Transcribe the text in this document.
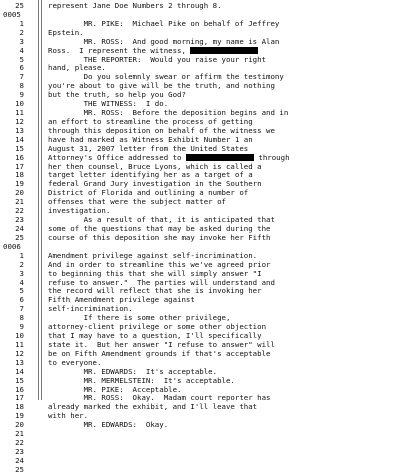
25	represent Jane Doe Numbers 2 through 8.
0005
1	MR. PIKE:  Michael Pike on behalf of Jeffrey
2	Epstein.
3	MR. ROSS:  And good morning, my name is Alan
4	Ross.  I represent the witness,
5	THE REPORTER:  Would you raise your right
6	hand, please.
7	Do you solemnly swear or affirm the testimony
8	you're about to give will be the truth, and nothing
9	but the truth, so help you God?
10	THE WITNESS:  I do.
11	MR. ROSS:  Before the deposition begins and in
12	an effort to streamline the process of getting
13	through this deposition on behalf of the witness we
14	have had marked as Witness Exhibit Number 1 an
15	August 31, 2007 letter from the United States
16	Attorney's Office addressed to	through
17	her then counsel, Bruce Lyons, which is called a
18	target letter identifying her as a target of a
19	federal Grand Jury investigation in the Southern
20	District of Florida and outlining a number of
21	offenses that were the subject matter of
22	investigation.
23	As a result of that, it is anticipated that
24	some of the questions that may be asked during the
25	course of this deposition she may invoke her Fifth
0006
1	Amendment privilege against self-incrimination.
2	And in order to streamline this we've agreed prior
3	to beginning this that she will simply answer "I
4	refuse to answer."  The parties will understand and
5	the record will reflect that she is invoking her
6	Fifth Amendment privilege against
7	self-incrimination.
8	If there is some other privilege,
9	attorney-client privilege or some other objection
10	that I may have to a question, I'll specifically
11	state it.  But her answer "I refuse to answer" will
12	be on Fifth Amendment grounds if that's acceptable
13	to everyone.
14	MR. EDWARDS:  It's acceptable.
15	MR. MERMELSTEIN:  It's acceptable.
16	MR. PIKE:  Acceptable.
17	MR. ROSS:  Okay.  Madam court reporter has
18	already marked the exhibit, and I'll leave that
19	with her.
20	MR. EDWARDS:  Okay.
21
22
23
24
25
